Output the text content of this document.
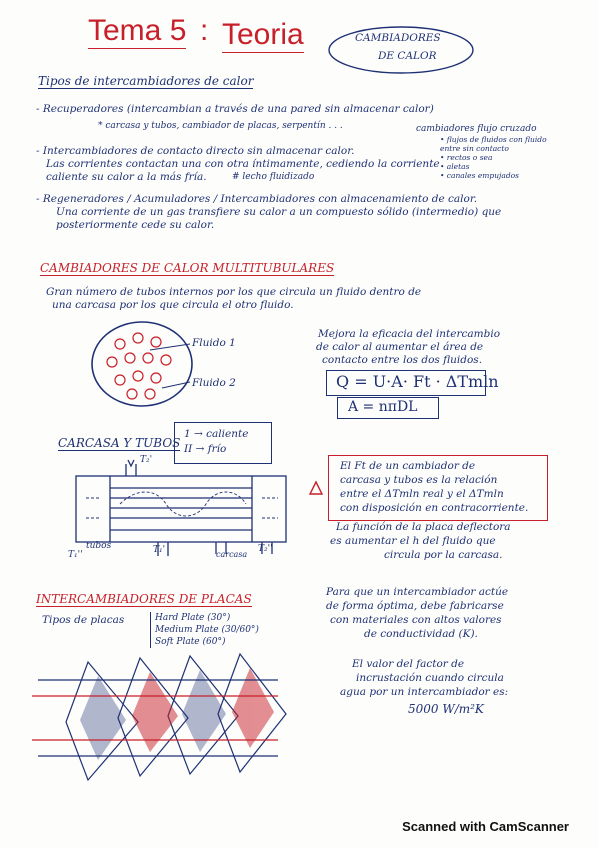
Tema 5 : Teoria	CAMBIADORES
DE CALOR
Tipos de intercambiadores de calor
- Recuperadores (intercambian a través de una pared sin almacenar calor)
* carcasa y tubos, cambiador de placas, serpentín . . .	cambiadores flujo cruzado
• flujos de fluidos con fluido
entre sin contacto
• rectos o sea
• aletas
• canales empujados
- Intercambiadores de contacto directo sin almacenar calor.
Las corrientes contactan una con otra íntimamente, cediendo la corriente
caliente su calor a la más fría.	# lecho fluidizado
- Regeneradores / Acumuladores / Intercambiadores con almacenamiento de calor.
Una corriente de un gas transfiere su calor a un compuesto sólido (intermedio) que
posteriormente cede su calor.
CAMBIADORES DE CALOR MULTITUBULARES
Gran número de tubos internos por los que circula un fluido dentro de
una carcasa por los que circula el otro fluido.
Fluido 1
Fluido 2
Mejora la eficacia del intercambio
de calor al aumentar el área de
contacto entre los dos fluidos.
Q = U·A· Ft · ΔTmln
A = nπDL
CARCASA Y TUBOS
1 → caliente
II → frío
T₂'
T₁''
tubos	T₁'	carcasa
T₂''
El Ft de un cambiador de
carcasa y tubos es la relación
entre el ΔTmln real y el ΔTmln
con disposición en contracorriente.
La función de la placa deflectora
es aumentar el h del fluido que
circula por la carcasa.
INTERCAMBIADORES DE PLACAS
Tipos de placas	Hard Plate (30°)
Medium Plate (30/60°)
Soft Plate (60°)
Para que un intercambiador actúe
de forma óptima, debe fabricarse
con materiales con altos valores
de conductividad (K).
El valor del factor de
incrustación cuando circula
agua por un intercambiador es:
5000 W/m²K
Scanned with CamScanner
